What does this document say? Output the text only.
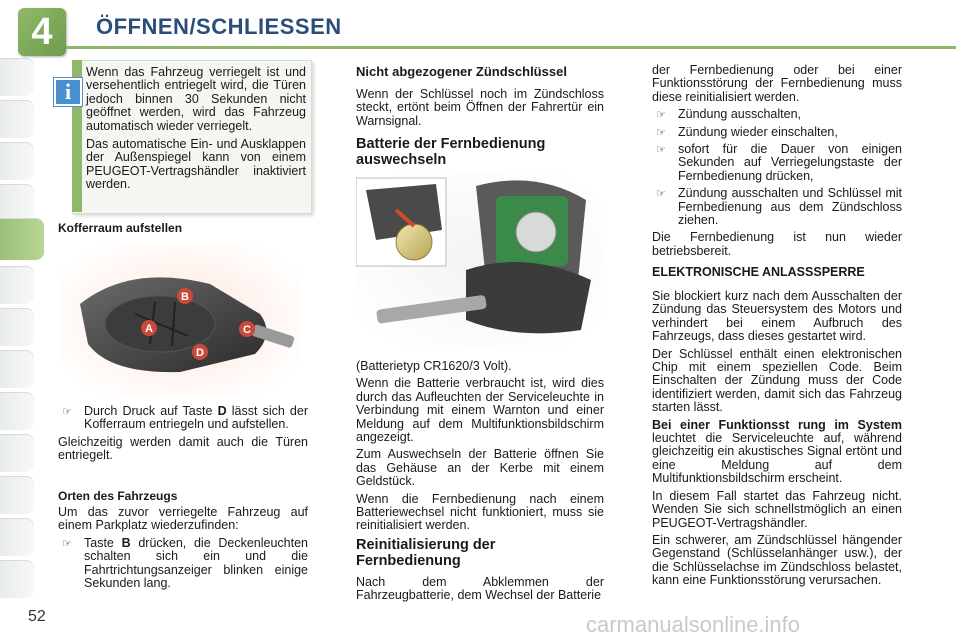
4	ÖFFNEN/SCHLIESSEN
i

Wenn das Fahrzeug verriegelt ist und versehentlich entriegelt wird, die Türen jedoch binnen 30 Sekunden nicht geöffnet werden, wird das Fahrzeug automatisch wieder verriegelt.

Das automatische Ein- und Ausklappen der Außenspiegel kann von einem PEUGEOT-Vertragshändler inaktiviert werden.

Kofferraum aufstellen
B
A	C
D

☞ Durch Druck auf Taste D lässt sich der Kofferraum entriegeln und aufstellen.

Gleichzeitig werden damit auch die Türen entriegelt.

Orten des Fahrzeugs

Um das zuvor verriegelte Fahrzeug auf einem Parkplatz wiederzufinden:

☞ Taste B drücken, die Deckenleuchten schalten sich ein und die Fahrtrichtungsanzeiger blinken einige Sekunden lang.

Nicht abgezogener Zündschlüssel

Wenn der Schlüssel noch im Zündschloss steckt, ertönt beim Öffnen der Fahrertür ein Warnsignal.

Batterie der Fernbedienung auswechseln

(Batterietyp CR1620/3 Volt).

Wenn die Batterie verbraucht ist, wird dies durch das Aufleuchten der Serviceleuchte in Verbindung mit einem Warnton und einer Meldung auf dem Multifunktionsbildschirm angezeigt.

Zum Auswechseln der Batterie öffnen Sie das Gehäuse an der Kerbe mit einem Geldstück.

Wenn die Fernbedienung nach einem Batteriewechsel nicht funktioniert, muss sie reinitialisiert werden.

Reinitialisierung der Fernbedienung

Nach dem Abklemmen der Fahrzeugbatterie, dem Wechsel der Batterie

der Fernbedienung oder bei einer Funktionsstörung der Fernbedienung muss diese reinitialisiert werden.

☞ Zündung ausschalten,

☞ Zündung wieder einschalten,

☞ sofort für die Dauer von einigen Sekunden auf Verriegelungstaste der Fernbedienung drücken,

☞ Zündung ausschalten und Schlüssel mit Fernbedienung aus dem Zündschloss ziehen.

Die Fernbedienung ist nun wieder betriebsbereit.

ELEKTRONISCHE ANLASSSPERRE

Sie blockiert kurz nach dem Ausschalten der Zündung das Steuersystem des Motors und verhindert bei einem Aufbruch des Fahrzeugs, dass dieses gestartet wird.

Der Schlüssel enthält einen elektronischen Chip mit einem speziellen Code. Beim Einschalten der Zündung muss der Code identifiziert werden, damit sich das Fahrzeug starten lässt.

Bei einer Funktionsst rung im System leuchtet die Serviceleuchte auf, während gleichzeitig ein akustisches Signal ertönt und eine Meldung auf dem Multifunktionsbildschirm erscheint.

In diesem Fall startet das Fahrzeug nicht. Wenden Sie sich schnellstmöglich an einen PEUGEOT-Vertragshändler.

Ein schwerer, am Zündschlüssel hängender Gegenstand (Schlüsselanhänger usw.), der die Schlüsselachse im Zündschloss belastet, kann eine Funktionsstörung verursachen.

52	carmanualsonline.info
